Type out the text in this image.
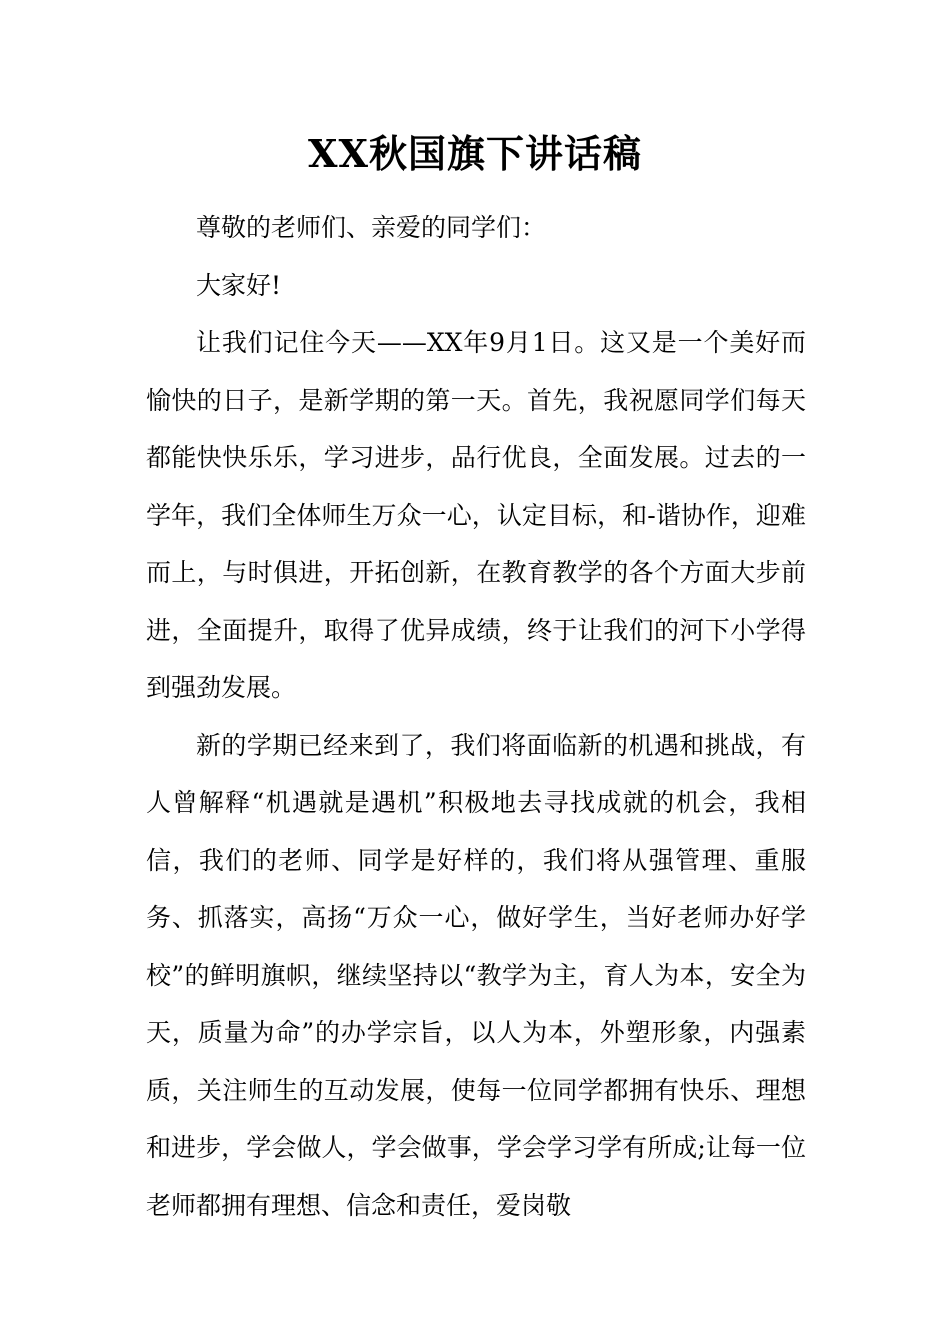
XX秋国旗下讲话稿

尊敬的老师们、亲爱的同学们：

大家好!

让我们记住今天——XX年9月1日。这又是一个美好而愉快的日子，是新学期的第一天。首先，我祝愿同学们每天都能快快乐乐，学习进步，品行优良，全面发展。过去的一学年，我们全体师生万众一心，认定目标，和-谐协作，迎难而上，与时俱进，开拓创新，在教育教学的各个方面大步前进，全面提升，取得了优异成绩，终于让我们的河下小学得到强劲发展。

新的学期已经来到了，我们将面临新的机遇和挑战，有人曾解释“机遇就是遇机”积极地去寻找成就的机会，我相信，我们的老师、同学是好样的，我们将从强管理、重服务、抓落实，高扬“万众一心，做好学生，当好老师办好学校”的鲜明旗帜，继续坚持以“教学为主，育人为本，安全为天，质量为命”的办学宗旨，以人为本，外塑形象，内强素质，关注师生的互动发展，使每一位同学都拥有快乐、理想和进步，学会做人，学会做事，学会学习学有所成;让每一位老师都拥有理想、信念和责任，爱岗敬
